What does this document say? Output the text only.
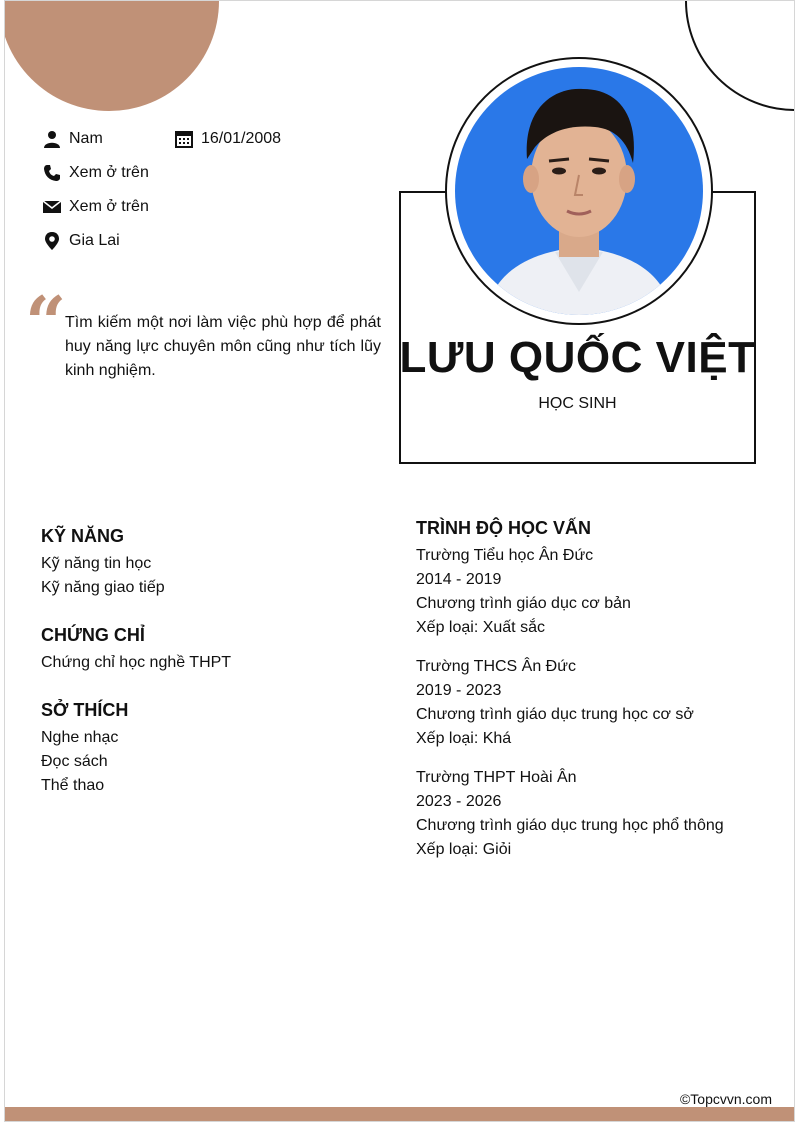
Nam	16/01/2008
Xem ở trên
Xem ở trên
Gia Lai
“
Tìm kiếm một nơi làm việc phù hợp để phát huy năng lực chuyên môn cũng như tích lũy kinh nghiệm.	LƯU QUỐC VIỆT
HỌC SINH
KỸ NĂNG
Kỹ năng tin học
Kỹ năng giao tiếp
CHỨNG CHỈ
Chứng chỉ học nghề THPT
SỞ THÍCH
Nghe nhạc
Đọc sách
Thể thao
TRÌNH ĐỘ HỌC VẤN
Trường Tiểu học Ân Đức
2014 - 2019
Chương trình giáo dục cơ bản
Xếp loại: Xuất sắc
Trường THCS Ân Đức
2019 - 2023
Chương trình giáo dục trung học cơ sở
Xếp loại: Khá
Trường THPT Hoài Ân
2023 - 2026
Chương trình giáo dục trung học phổ thông
Xếp loại: Giỏi
©Topcvvn.com
